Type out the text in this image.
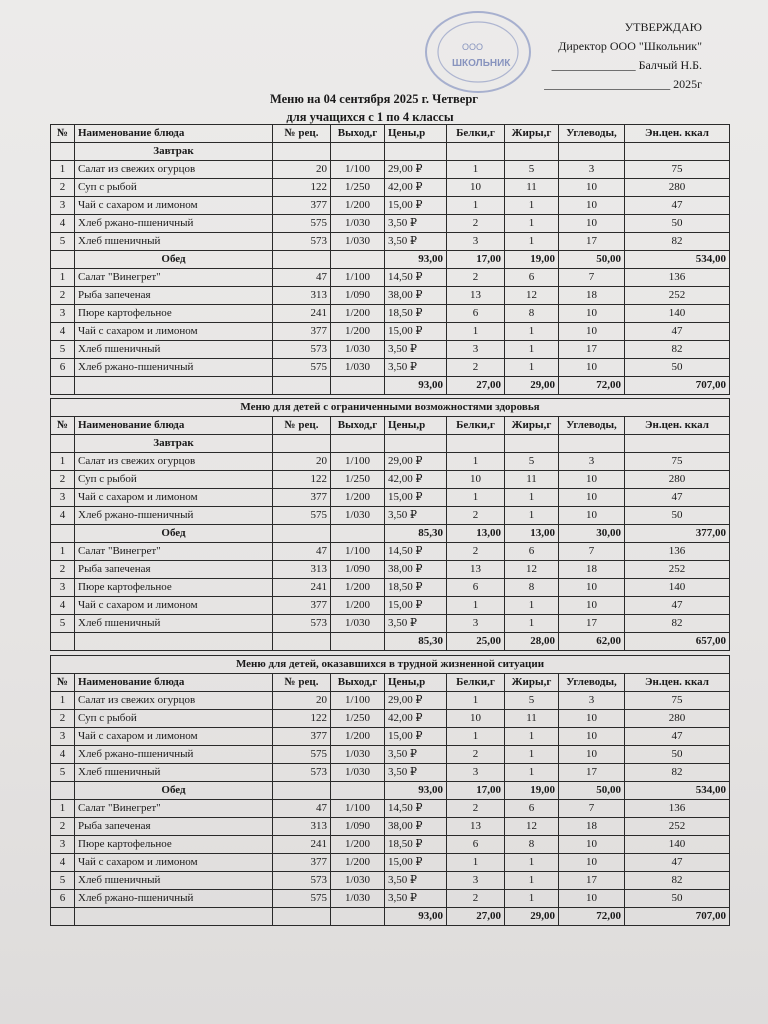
ООО
ШКОЛЬНИК
УТВЕРЖДАЮ
Директор ООО "Школьник"
______________ Балчый Н.Б.
_____________________ 2025г
Меню на 04 сентября 2025 г. Четверг
для учащихся с 1 по 4 классы
№	Наименование блюда	№ рец.	Выход,г	Цены,р	Белки,г	Жиры,г	Углеводы,	Эн.цен. ккал
	Завтрак							
1	Салат из свежих огурцов	20	1/100	29,00 ₽	1	5	3	75
2	Суп с рыбой	122	1/250	42,00 ₽	10	11	10	280
3	Чай с сахаром и лимоном	377	1/200	15,00 ₽	1	1	10	47
4	Хлеб ржано-пшеничный	575	1/030	3,50 ₽	2	1	10	50
5	Хлеб пшеничный	573	1/030	3,50 ₽	3	1	17	82
	Обед			93,00	17,00	19,00	50,00	534,00
1	Салат "Винегрет"	47	1/100	14,50 ₽	2	6	7	136
2	Рыба запеченая	313	1/090	38,00 ₽	13	12	18	252
3	Пюре картофельное	241	1/200	18,50 ₽	6	8	10	140
4	Чай с сахаром и лимоном	377	1/200	15,00 ₽	1	1	10	47
5	Хлеб пшеничный	573	1/030	3,50 ₽	3	1	17	82
6	Хлеб ржано-пшеничный	575	1/030	3,50 ₽	2	1	10	50
				93,00	27,00	29,00	72,00	707,00
Меню для детей с ограниченными возможностями здоровья								
№	Наименование блюда	№ рец.	Выход,г	Цены,р	Белки,г	Жиры,г	Углеводы,	Эн.цен. ккал
	Завтрак							
1	Салат из свежих огурцов	20	1/100	29,00 ₽	1	5	3	75
2	Суп с рыбой	122	1/250	42,00 ₽	10	11	10	280
3	Чай с сахаром и лимоном	377	1/200	15,00 ₽	1	1	10	47
4	Хлеб ржано-пшеничный	575	1/030	3,50 ₽	2	1	10	50
	Обед			85,30	13,00	13,00	30,00	377,00
1	Салат "Винегрет"	47	1/100	14,50 ₽	2	6	7	136
2	Рыба запеченая	313	1/090	38,00 ₽	13	12	18	252
3	Пюре картофельное	241	1/200	18,50 ₽	6	8	10	140
4	Чай с сахаром и лимоном	377	1/200	15,00 ₽	1	1	10	47
5	Хлеб пшеничный	573	1/030	3,50 ₽	3	1	17	82
				85,30	25,00	28,00	62,00	657,00
Меню для детей, оказавшихся в трудной жизненной ситуации								
№	Наименование блюда	№ рец.	Выход,г	Цены,р	Белки,г	Жиры,г	Углеводы,	Эн.цен. ккал
1	Салат из свежих огурцов	20	1/100	29,00 ₽	1	5	3	75
2	Суп с рыбой	122	1/250	42,00 ₽	10	11	10	280
3	Чай с сахаром и лимоном	377	1/200	15,00 ₽	1	1	10	47
4	Хлеб ржано-пшеничный	575	1/030	3,50 ₽	2	1	10	50
5	Хлеб пшеничный	573	1/030	3,50 ₽	3	1	17	82
	Обед			93,00	17,00	19,00	50,00	534,00
1	Салат "Винегрет"	47	1/100	14,50 ₽	2	6	7	136
2	Рыба запеченая	313	1/090	38,00 ₽	13	12	18	252
3	Пюре картофельное	241	1/200	18,50 ₽	6	8	10	140
4	Чай с сахаром и лимоном	377	1/200	15,00 ₽	1	1	10	47
5	Хлеб пшеничный	573	1/030	3,50 ₽	3	1	17	82
6	Хлеб ржано-пшеничный	575	1/030	3,50 ₽	2	1	10	50
				93,00	27,00	29,00	72,00	707,00
